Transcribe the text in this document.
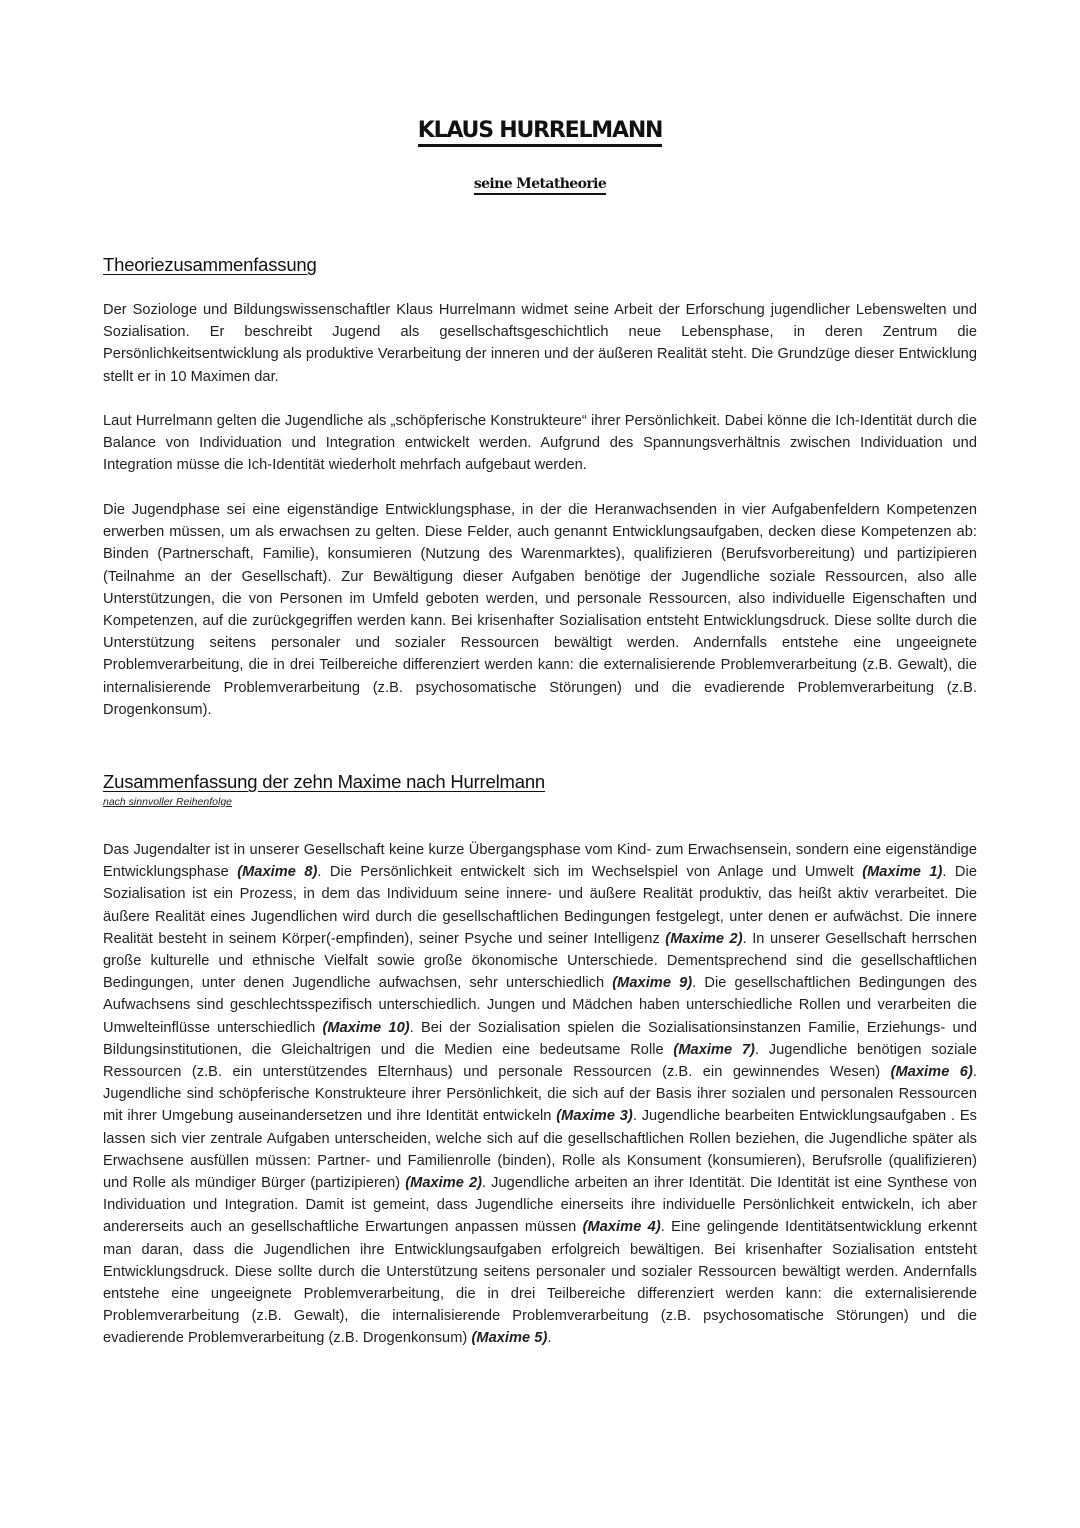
KLAUS HURRELMANN
seine Metatheorie
Theoriezusammenfassung

Der Soziologe und Bildungswissenschaftler Klaus Hurrelmann widmet seine Arbeit der Erforschung jugendlicher Lebenswelten und Sozialisation. Er beschreibt Jugend als gesellschaftsgeschichtlich neue Lebensphase, in deren Zentrum die Persönlichkeitsentwicklung als produktive Verarbeitung der inneren und der äußeren Realität steht. Die Grundzüge dieser Entwicklung stellt er in 10 Maximen dar.

Laut Hurrelmann gelten die Jugendliche als „schöpferische Konstrukteure“ ihrer Persönlichkeit. Dabei könne die Ich-Identität durch die Balance von Individuation und Integration entwickelt werden. Aufgrund des Spannungsverhältnis zwischen Individuation und Integration müsse die Ich-Identität wiederholt mehrfach aufgebaut werden.

Die Jugendphase sei eine eigenständige Entwicklungsphase, in der die Heranwachsenden in vier Aufgabenfeldern Kompetenzen erwerben müssen, um als erwachsen zu gelten. Diese Felder, auch genannt Entwicklungsaufgaben, decken diese Kompetenzen ab: Binden (Partnerschaft, Familie), konsumieren (Nutzung des Warenmarktes), qualifizieren (Berufsvorbereitung) und partizipieren (Teilnahme an der Gesellschaft). Zur Bewältigung dieser Aufgaben benötige der Jugendliche soziale Ressourcen, also alle Unterstützungen, die von Personen im Umfeld geboten werden, und personale Ressourcen, also individuelle Eigenschaften und Kompetenzen, auf die zurückgegriffen werden kann. Bei krisenhafter Sozialisation entsteht Entwicklungsdruck. Diese sollte durch die Unterstützung seitens personaler und sozialer Ressourcen bewältigt werden. Andernfalls entstehe eine ungeeignete Problemverarbeitung, die in drei Teilbereiche differenziert werden kann: die externalisierende Problemverarbeitung (z.B. Gewalt), die internalisierende Problemverarbeitung (z.B. psychosomatische Störungen) und die evadierende Problemverarbeitung (z.B. Drogenkonsum).

Zusammenfassung der zehn Maxime nach Hurrelmann
nach sinnvoller Reihenfolge

Das Jugendalter ist in unserer Gesellschaft keine kurze Übergangsphase vom Kind- zum Erwachsensein, sondern eine eigenständige Entwicklungsphase (Maxime 8). Die Persönlichkeit entwickelt sich im Wechselspiel von Anlage und Umwelt (Maxime 1). Die Sozialisation ist ein Prozess, in dem das Individuum seine innere- und äußere Realität produktiv, das heißt aktiv verarbeitet. Die äußere Realität eines Jugendlichen wird durch die gesellschaftlichen Bedingungen festgelegt, unter denen er aufwächst. Die innere Realität besteht in seinem Körper(-empfinden), seiner Psyche und seiner Intelligenz (Maxime 2). In unserer Gesellschaft herrschen große kulturelle und ethnische Vielfalt sowie große ökonomische Unterschiede. Dementsprechend sind die gesellschaftlichen Bedingungen, unter denen Jugendliche aufwachsen, sehr unterschiedlich (Maxime 9). Die gesellschaftlichen Bedingungen des Aufwachsens sind geschlechtsspezifisch unterschiedlich. Jungen und Mädchen haben unterschiedliche Rollen und verarbeiten die Umwelteinflüsse unterschiedlich (Maxime 10). Bei der Sozialisation spielen die Sozialisationsinstanzen Familie, Erziehungs- und Bildungsinstitutionen, die Gleichaltrigen und die Medien eine bedeutsame Rolle (Maxime 7). Jugendliche benötigen soziale Ressourcen (z.B. ein unterstützendes Elternhaus) und personale Ressourcen (z.B. ein gewinnendes Wesen) (Maxime 6). Jugendliche sind schöpferische Konstrukteure ihrer Persönlichkeit, die sich auf der Basis ihrer sozialen und personalen Ressourcen mit ihrer Umgebung auseinandersetzen und ihre Identität entwickeln (Maxime 3). Jugendliche bearbeiten Entwicklungsaufgaben . Es lassen sich vier zentrale Aufgaben unterscheiden, welche sich auf die gesellschaftlichen Rollen beziehen, die Jugendliche später als Erwachsene ausfüllen müssen: Partner- und Familienrolle (binden), Rolle als Konsument (konsumieren), Berufsrolle (qualifizieren) und Rolle als mündiger Bürger (partizipieren) (Maxime 2). Jugendliche arbeiten an ihrer Identität. Die Identität ist eine Synthese von Individuation und Integration. Damit ist gemeint, dass Jugendliche einerseits ihre individuelle Persönlichkeit entwickeln, ich aber andererseits auch an gesellschaftliche Erwartungen anpassen müssen (Maxime 4). Eine gelingende Identitätsentwicklung erkennt man daran, dass die Jugendlichen ihre Entwicklungsaufgaben erfolgreich bewältigen. Bei krisenhafter Sozialisation entsteht Entwicklungsdruck. Diese sollte durch die Unterstützung seitens personaler und sozialer Ressourcen bewältigt werden. Andernfalls entstehe eine ungeeignete Problemverarbeitung, die in drei Teilbereiche differenziert werden kann: die externalisierende Problemverarbeitung (z.B. Gewalt), die internalisierende Problemverarbeitung (z.B. psychosomatische Störungen) und die evadierende Problemverarbeitung (z.B. Drogenkonsum) (Maxime 5).
